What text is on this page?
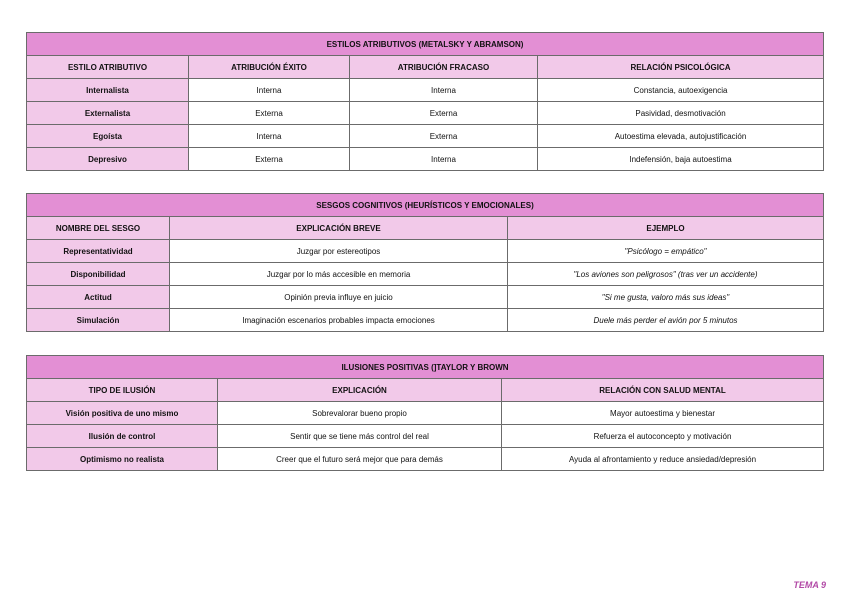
ESTILOS ATRIBUTIVOS (METALSKY Y ABRAMSON)			
ESTILO ATRIBUTIVO	ATRIBUCIÓN ÉXITO	ATRIBUCIÓN FRACASO	RELACIÓN PSICOLÓGICA
Internalista	Interna	Interna	Constancia, autoexigencia
Externalista	Externa	Externa	Pasividad, desmotivación
Egoísta	Interna	Externa	Autoestima elevada, autojustificación
Depresivo	Externa	Interna	Indefensión, baja autoestima
SESGOS COGNITIVOS (HEURÍSTICOS Y EMOCIONALES)		
NOMBRE DEL SESGO	EXPLICACIÓN BREVE	EJEMPLO
Representatividad	Juzgar por estereotipos	"Psicólogo = empático"
Disponibilidad	Juzgar por lo más accesible en memoria	"Los aviones son peligrosos" (tras ver un accidente)
Actitud	Opinión previa influye en juicio	"Si me gusta, valoro más sus ideas"
Simulación	Imaginación escenarios probables impacta emociones	Duele más perder el avión por 5 minutos
ILUSIONES POSITIVAS (]TAYLOR Y BROWN		
TIPO DE ILUSIÓN	EXPLICACIÓN	RELACIÓN CON SALUD MENTAL
Visión positiva de uno mismo	Sobrevalorar bueno propio	Mayor autoestima y bienestar
Ilusión de control	Sentir que se tiene más control del real	Refuerza el autoconcepto y motivación
Optimismo no realista	Creer que el futuro será mejor que para demás	Ayuda al afrontamiento y reduce ansiedad/depresión
TEMA 9
